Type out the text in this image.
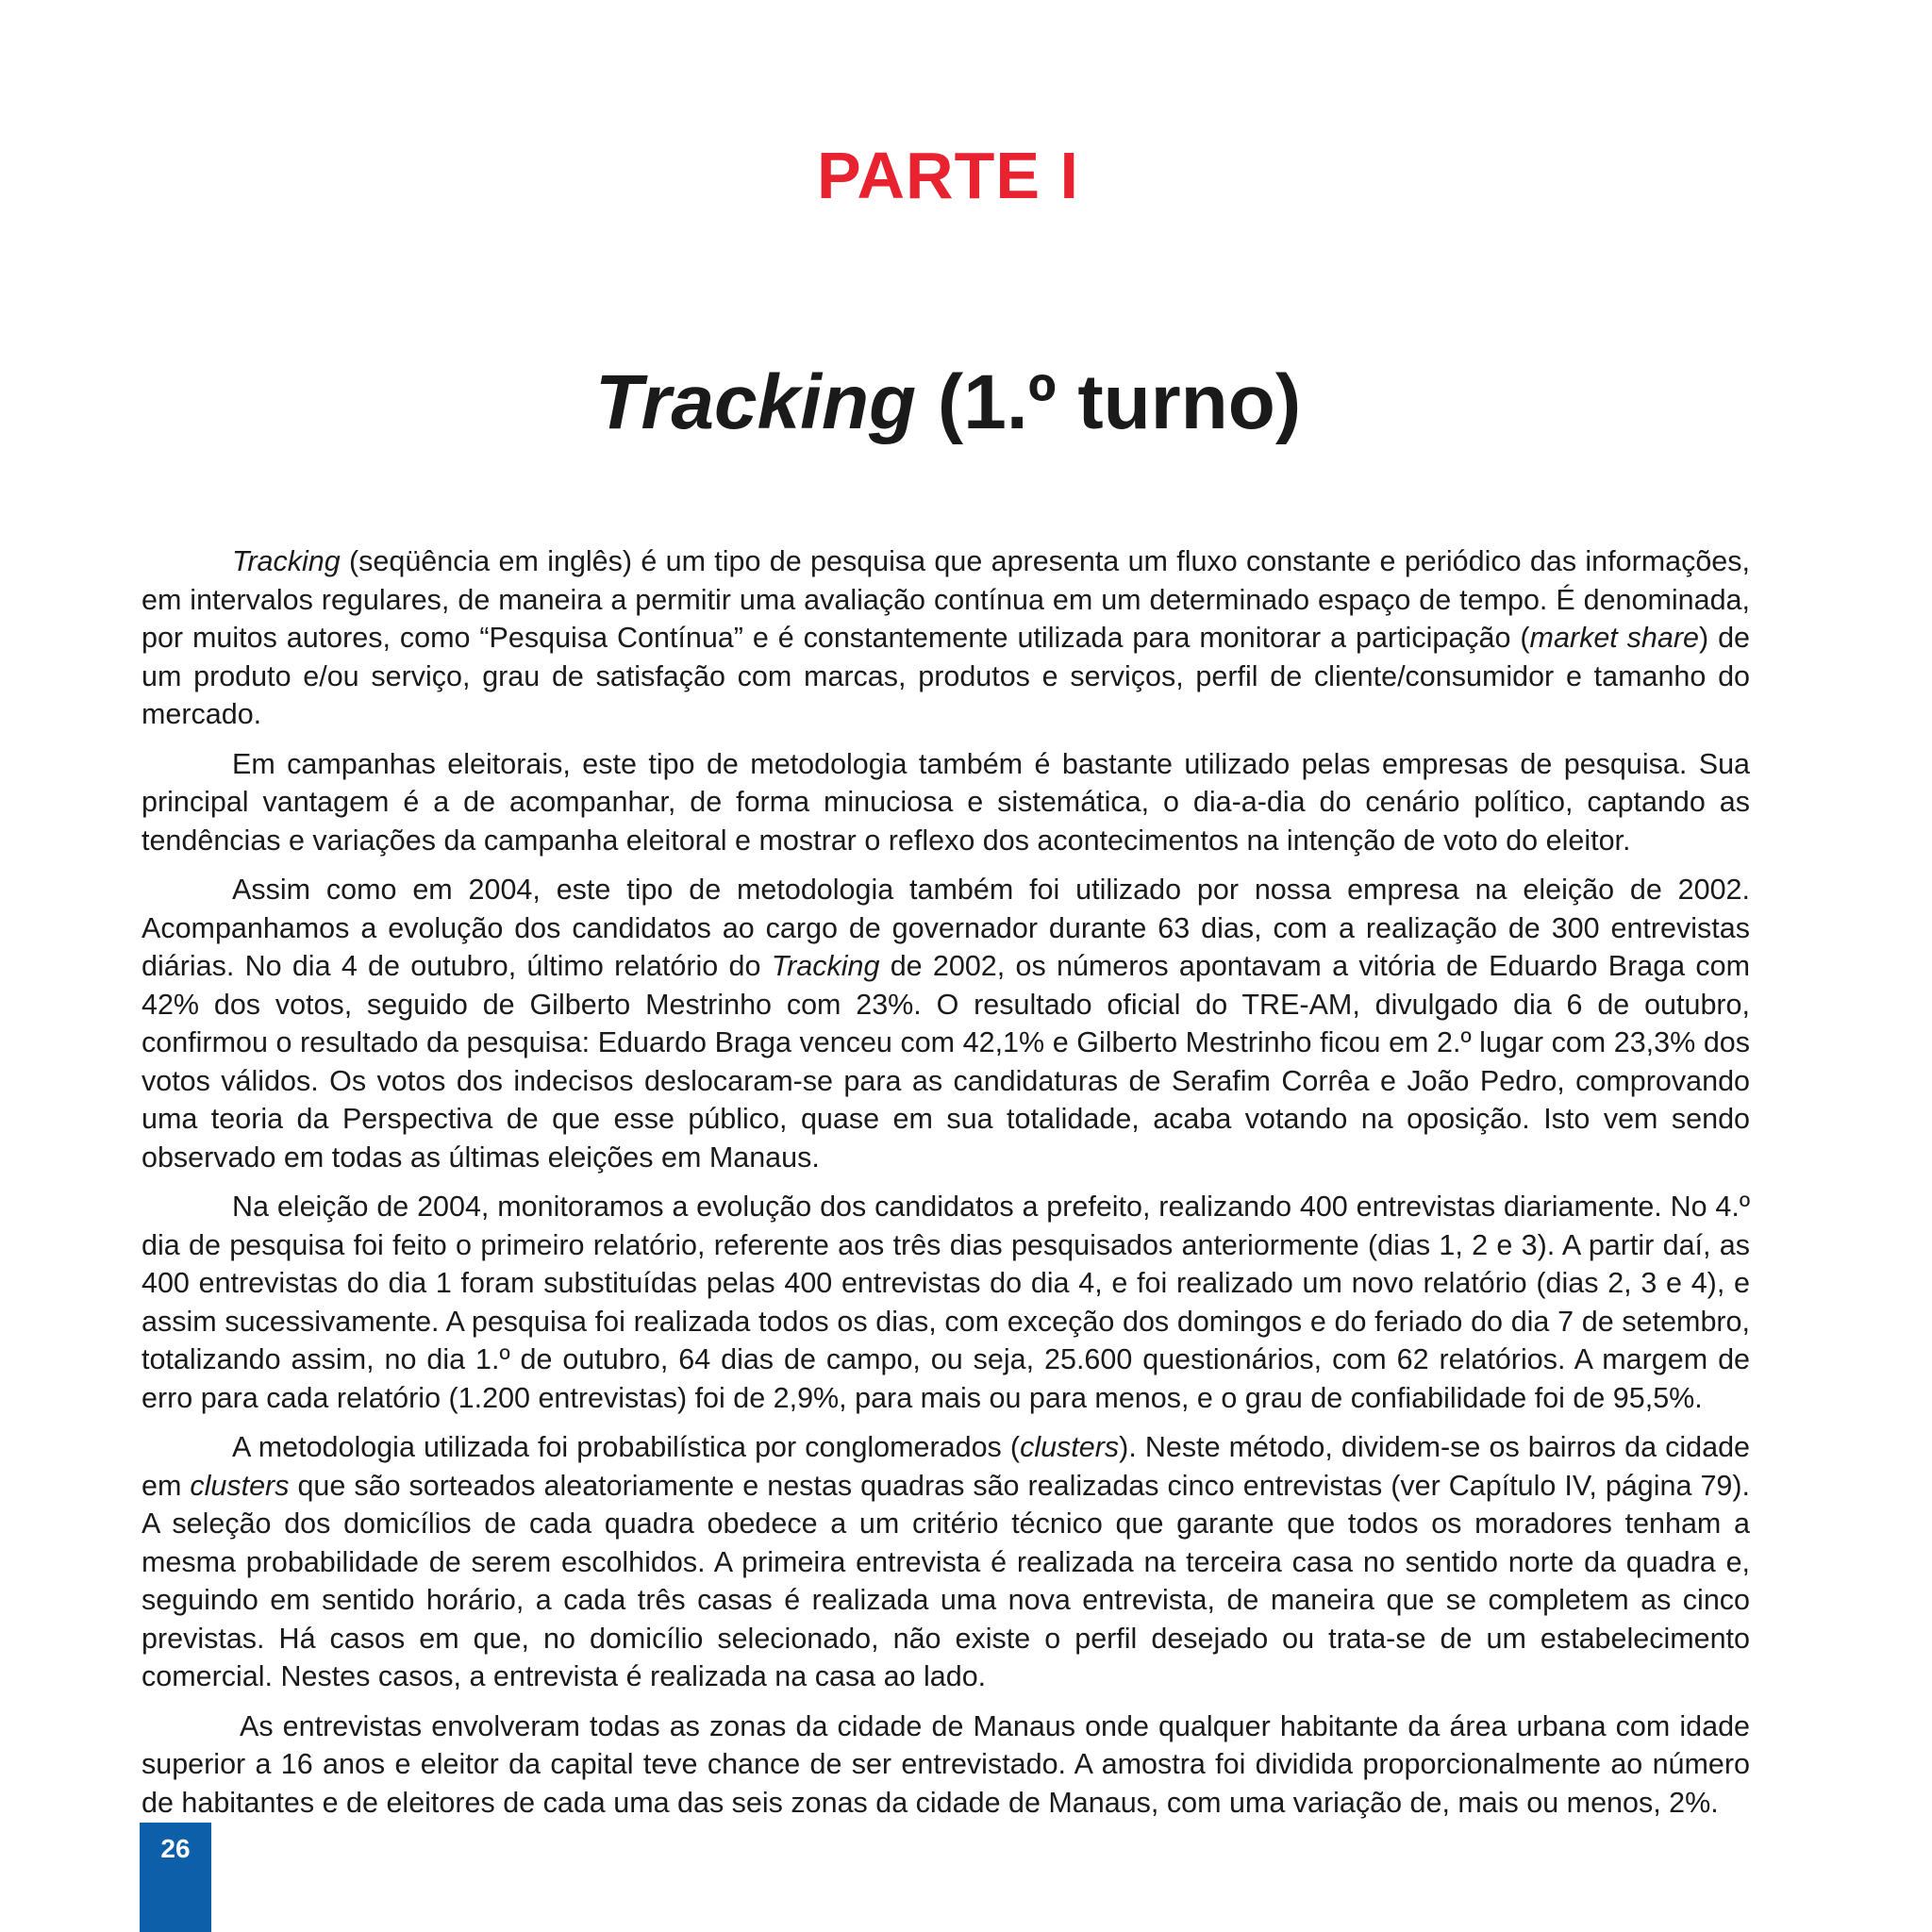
PARTE I
Tracking (1.º turno)

Tracking (seqüência em inglês) é um tipo de pesquisa que apresenta um fluxo constante e periódico das informações, em intervalos regulares, de maneira a permitir uma avaliação contínua em um determinado espaço de tempo. É denominada, por muitos autores, como “Pesquisa Contínua” e é constantemente utilizada para monitorar a participação (market share) de um produto e/ou serviço, grau de satisfação com marcas, produtos e serviços, perfil de cliente/consumidor e tamanho do mercado.

Em campanhas eleitorais, este tipo de metodologia também é bastante utilizado pelas empresas de pesquisa. Sua principal vantagem é a de acompanhar, de forma minuciosa e sistemática, o dia-a-dia do cenário político, captando as tendências e variações da campanha eleitoral e mostrar o reflexo dos acontecimentos na intenção de voto do eleitor.

Assim como em 2004, este tipo de metodologia também foi utilizado por nossa empresa na eleição de 2002. Acompanhamos a evolução dos candidatos ao cargo de governador durante 63 dias, com a realização de 300 entrevistas diárias. No dia 4 de outubro, último relatório do Tracking de 2002, os números apontavam a vitória de Eduardo Braga com 42% dos votos, seguido de Gilberto Mestrinho com 23%. O resultado oficial do TRE-AM, divulgado dia 6 de outubro, confirmou o resultado da pesquisa: Eduardo Braga venceu com 42,1% e Gilberto Mestrinho ficou em 2.º lugar com 23,3% dos votos válidos. Os votos dos indecisos deslocaram-se para as candidaturas de Serafim Corrêa e João Pedro, comprovando uma teoria da Perspectiva de que esse público, quase em sua totalidade, acaba votando na oposição. Isto vem sendo observado em todas as últimas eleições em Manaus.

Na eleição de 2004, monitoramos a evolução dos candidatos a prefeito, realizando 400 entrevistas diariamente. No 4.º dia de pesquisa foi feito o primeiro relatório, referente aos três dias pesquisados anteriormente (dias 1, 2 e 3). A partir daí, as 400 entrevistas do dia 1 foram substituídas pelas 400 entrevistas do dia 4, e foi realizado um novo relatório (dias 2, 3 e 4), e assim sucessivamente. A pesquisa foi realizada todos os dias, com exceção dos domingos e do feriado do dia 7 de setembro, totalizando assim, no dia 1.º de outubro, 64 dias de campo, ou seja, 25.600 questionários, com 62 relatórios. A margem de erro para cada relatório (1.200 entrevistas) foi de 2,9%, para mais ou para menos, e o grau de confiabilidade foi de 95,5%.

A metodologia utilizada foi probabilística por conglomerados (clusters). Neste método, dividem-se os bairros da cidade em clusters que são sorteados aleatoriamente e nestas quadras são realizadas cinco entrevistas (ver Capítulo IV, página 79). A seleção dos domicílios de cada quadra obedece a um critério técnico que garante que todos os moradores tenham a mesma probabilidade de serem escolhidos. A primeira entrevista é realizada na terceira casa no sentido norte da quadra e, seguindo em sentido horário, a cada três casas é realizada uma nova entrevista, de maneira que se completem as cinco previstas. Há casos em que, no domicílio selecionado, não existe o perfil desejado ou trata-se de um estabelecimento comercial. Nestes casos, a entrevista é realizada na casa ao lado.

As entrevistas envolveram todas as zonas da cidade de Manaus onde qualquer habitante da área urbana com idade superior a 16 anos e eleitor da capital teve chance de ser entrevistado. A amostra foi dividida proporcionalmente ao número de habitantes e de eleitores de cada uma das seis zonas da cidade de Manaus, com uma variação de, mais ou menos, 2%.

26
